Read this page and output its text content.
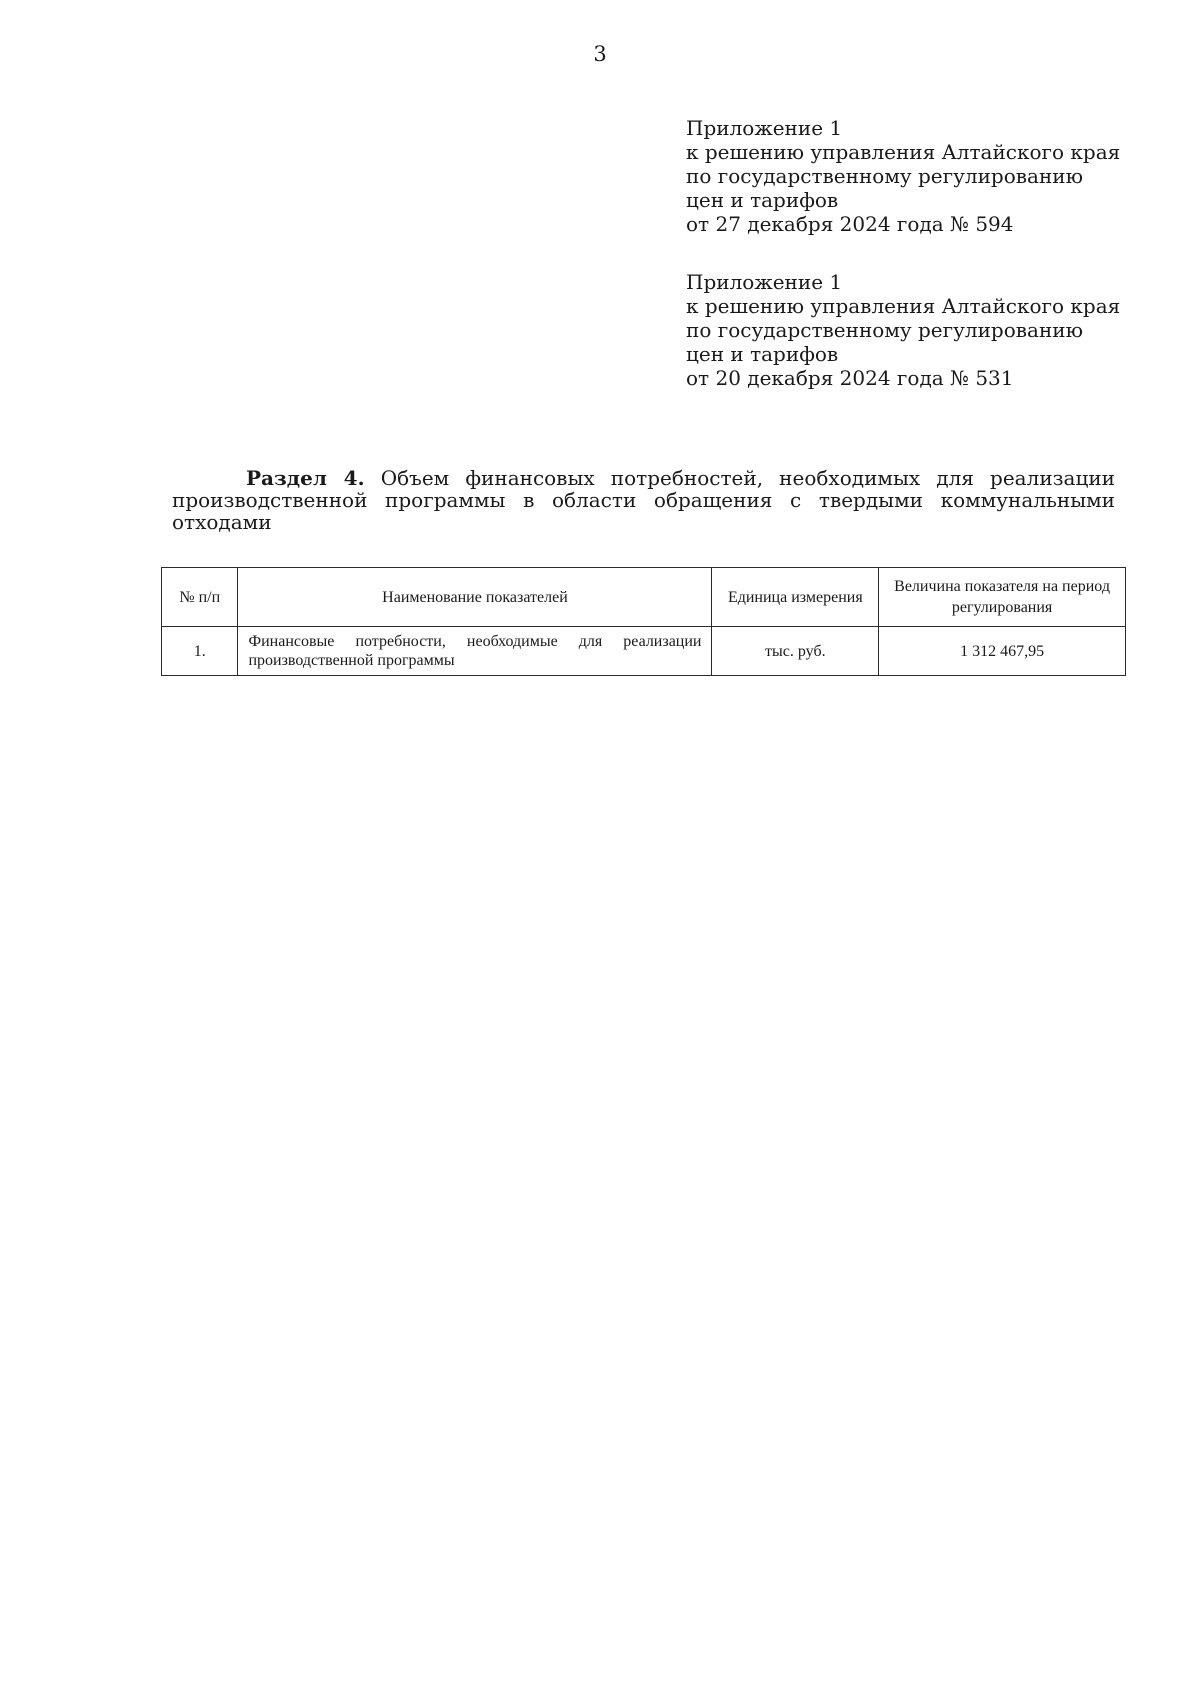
3
Приложение 1
к решению управления Алтайского края
по государственному регулированию
цен и тарифов
от 27 декабря 2024 года № 594
Приложение 1
к решению управления Алтайского края
по государственному регулированию
цен и тарифов
от 20 декабря 2024 года № 531
Раздел 4. Объем финансовых потребностей, необходимых для реализации
производственной программы в области обращения с твердыми коммунальными
отходами
№ п/п	Наименование показателей	Единица измерения	Величина показателя на период регулирования
1.	Финансовые потребности, необходимые для реализации производственной программы	тыс. руб.	1 312 467,95
